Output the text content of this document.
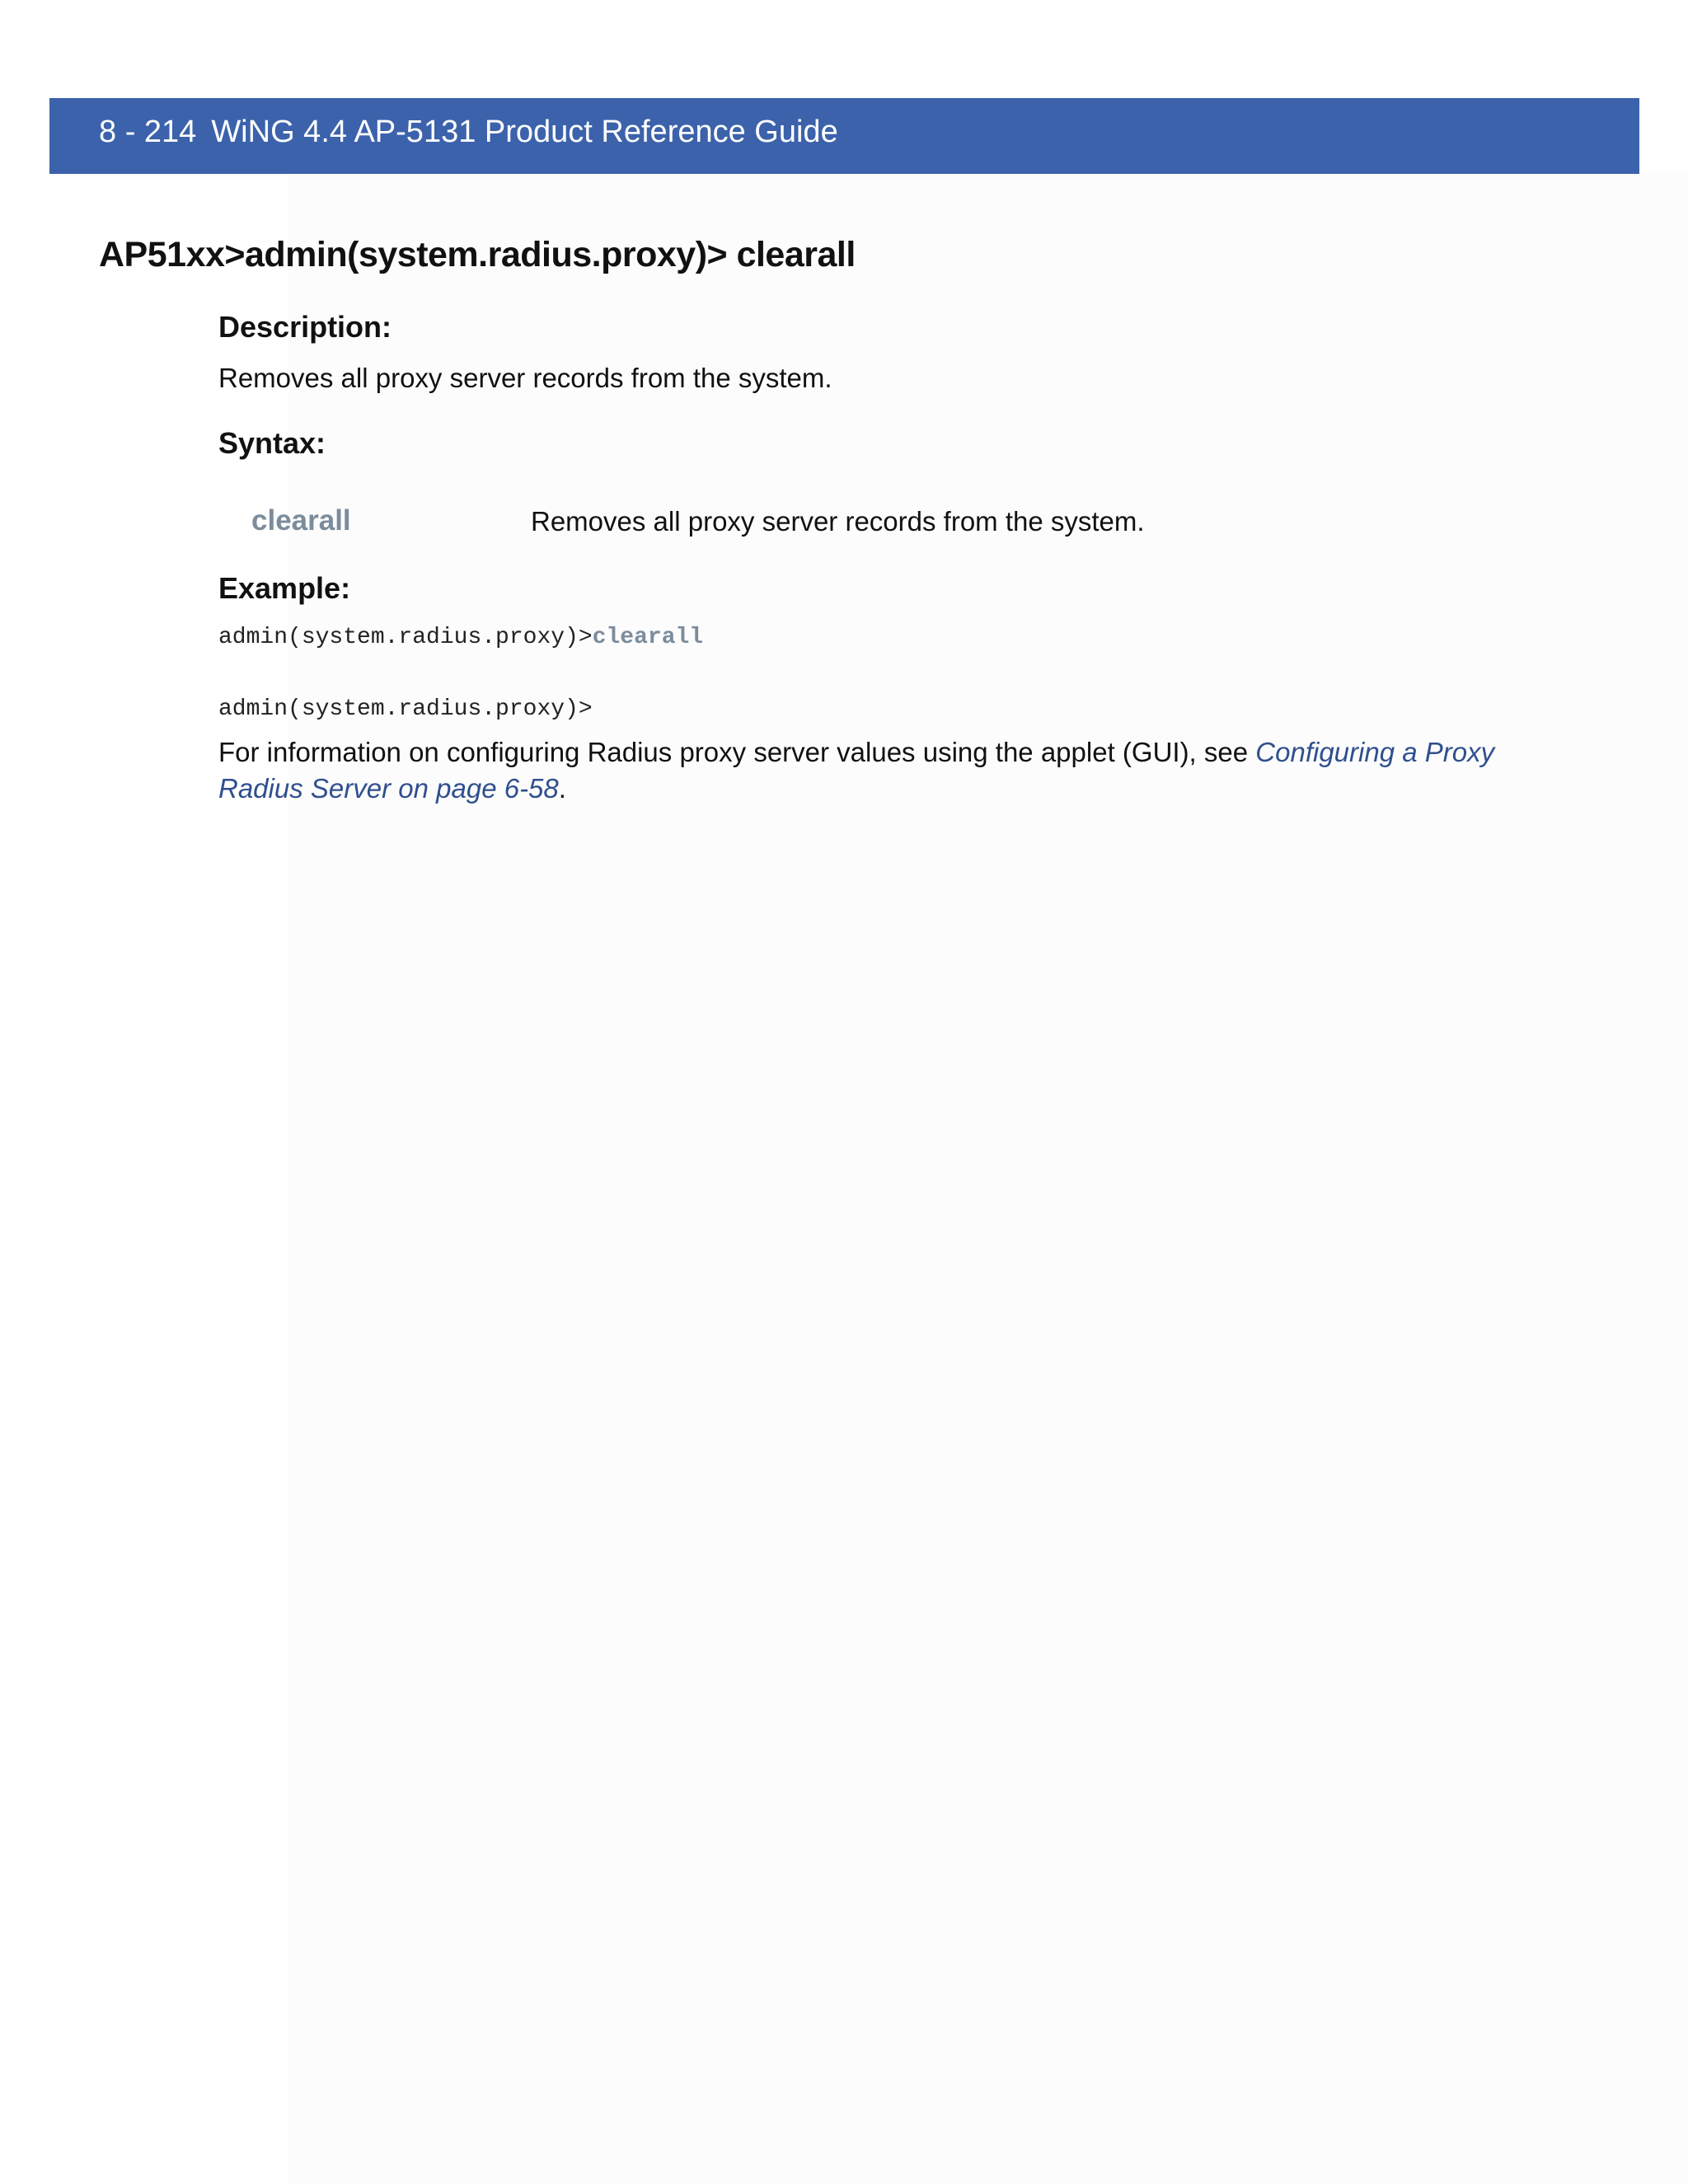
8 - 214 WiNG 4.4 AP-5131 Product Reference Guide
AP51xx>admin(system.radius.proxy)> clearall
Description:
Removes all proxy server records from the system.
Syntax:
clearall	Removes all proxy server records from the system.
Example:
admin(system.radius.proxy)>clearall
admin(system.radius.proxy)>
For information on configuring Radius proxy server values using the applet (GUI), see Configuring a Proxy Radius Server on page 6-58.
